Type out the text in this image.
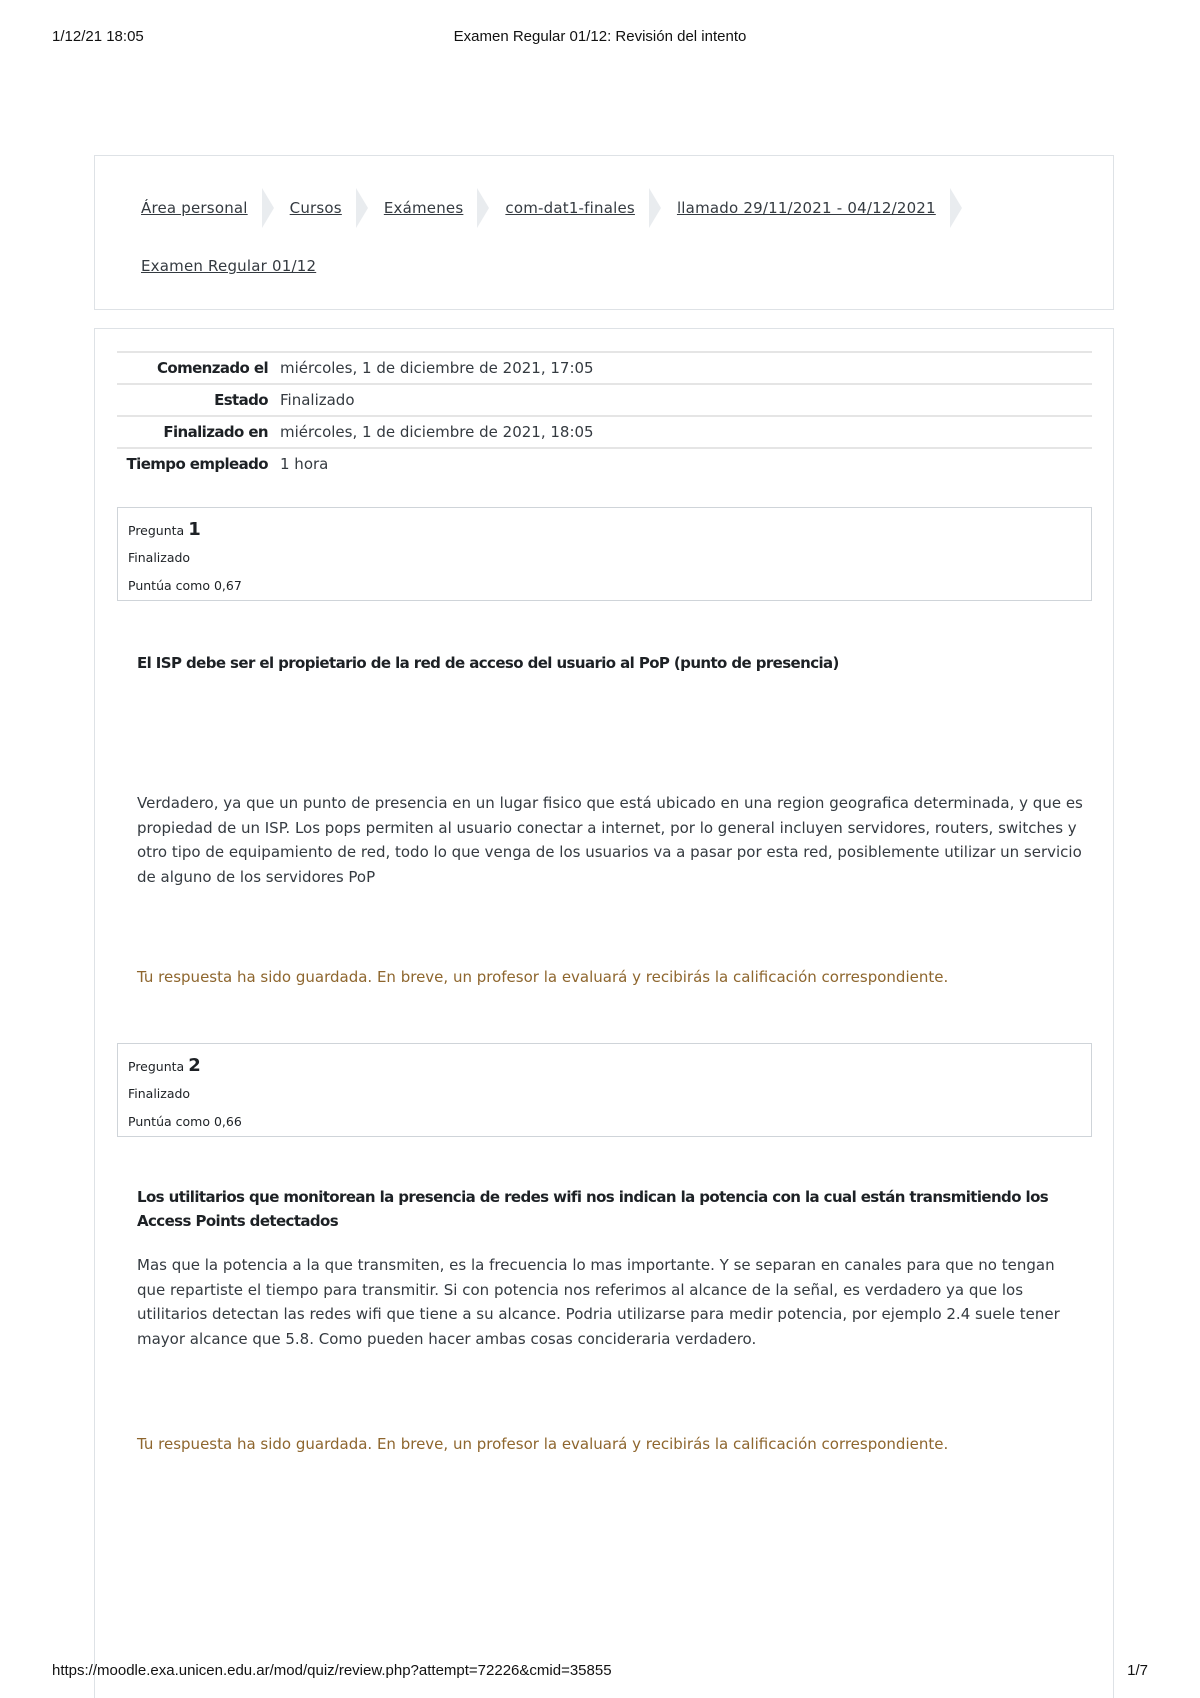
1/12/21 18:05	Examen Regular 01/12: Revisión del intento
Área personal	Cursos	Exámenes	com-dat1-finales	llamado 29/11/2021 - 04/12/2021
Examen Regular 01/12
Comenzado el	miércoles, 1 de diciembre de 2021, 17:05
Estado	Finalizado
Finalizado en	miércoles, 1 de diciembre de 2021, 18:05
Tiempo empleado	1 hora
Pregunta 1
Finalizado
Puntúa como 0,67
El ISP debe ser el propietario de la red de acceso del usuario al PoP (punto de presencia)
Verdadero, ya que un punto de presencia en un lugar fisico que está ubicado en una region geografica determinada, y que es propiedad de un ISP. Los pops permiten al usuario conectar a internet, por lo general incluyen servidores, routers, switches y otro tipo de equipamiento de red, todo lo que venga de los usuarios va a pasar por esta red, posiblemente utilizar un servicio de alguno de los servidores PoP
Tu respuesta ha sido guardada. En breve, un profesor la evaluará y recibirás la calificación correspondiente.
Pregunta 2
Finalizado
Puntúa como 0,66
Los utilitarios que monitorean la presencia de redes wifi nos indican la potencia con la cual están transmitiendo los Access Points detectados
Mas que la potencia a la que transmiten, es la frecuencia lo mas importante. Y se separan en canales para que no tengan que repartiste el tiempo para transmitir. Si con potencia nos referimos al alcance de la señal, es verdadero ya que los utilitarios detectan las redes wifi que tiene a su alcance. Podria utilizarse para medir potencia, por ejemplo 2.4 suele tener mayor alcance que 5.8. Como pueden hacer ambas cosas concideraria verdadero.
Tu respuesta ha sido guardada. En breve, un profesor la evaluará y recibirás la calificación correspondiente.
https://moodle.exa.unicen.edu.ar/mod/quiz/review.php?attempt=72226&cmid=35855	1/7
